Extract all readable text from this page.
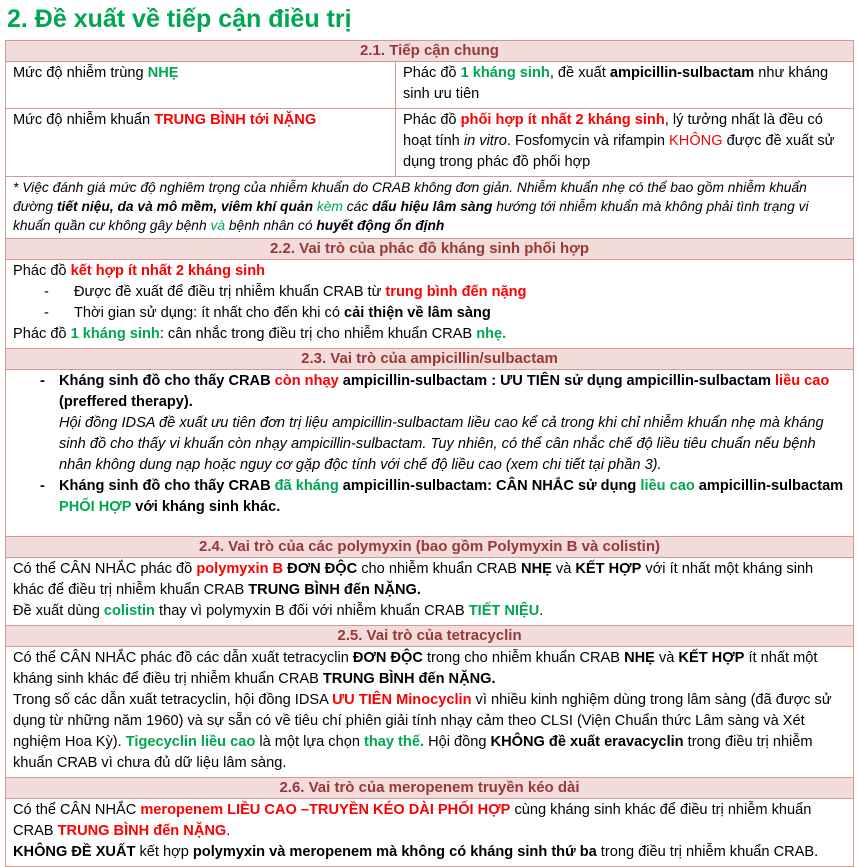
2. Đề xuất về tiếp cận điều trị
2.1. Tiếp cận chung
Mức độ nhiễm trùng NHẸ	Phác đồ 1 kháng sinh, đề xuất ampicillin-sulbactam như kháng sinh ưu tiên
Mức độ nhiễm khuẩn TRUNG BÌNH tới NẶNG	Phác đồ phối hợp ít nhất 2 kháng sinh, lý tưởng nhất là đều có hoạt tính in vitro. Fosfomycin và rifampin KHÔNG được đề xuất sử dụng trong phác đồ phối hợp
* Việc đánh giá mức độ nghiêm trọng của nhiễm khuẩn do CRAB không đơn giản. Nhiễm khuẩn nhẹ có thể bao gồm nhiễm khuẩn đường tiết niệu, da và mô mềm, viêm khí quản kèm các dấu hiệu lâm sàng hướng tới nhiễm khuẩn mà không phải tình trạng vi khuẩn quần cư không gây bệnh và bệnh nhân có huyết động ổn định
2.2. Vai trò của phác đồ kháng sinh phối hợp
Phác đồ kết hợp ít nhất 2 kháng sinh
-	Được đề xuất để điều trị nhiễm khuẩn CRAB từ trung bình đến nặng
-	Thời gian sử dụng: ít nhất cho đến khi có cải thiện về lâm sàng
Phác đồ 1 kháng sinh: cân nhắc trong điều trị cho nhiễm khuẩn CRAB nhẹ.
2.3. Vai trò của ampicillin/sulbactam
- Kháng sinh đồ cho thấy CRAB còn nhạy ampicillin-sulbactam : ƯU TIÊN sử dụng ampicillin-sulbactam liều cao (preffered therapy).
Hội đồng IDSA đề xuất ưu tiên đơn trị liệu ampicillin-sulbactam liều cao kể cả trong khi chỉ nhiễm khuẩn nhẹ mà kháng sinh đồ cho thấy vi khuẩn còn nhạy ampicillin-sulbactam. Tuy nhiên, có thể cân nhắc chế độ liều tiêu chuẩn nếu bệnh nhân không dung nạp hoặc nguy cơ gặp độc tính với chế độ liều cao (xem chi tiết tại phần 3).
- Kháng sinh đồ cho thấy CRAB đã kháng ampicillin-sulbactam: CÂN NHẮC sử dụng liều cao ampicillin-sulbactam PHỐI HỢP với kháng sinh khác.
2.4. Vai trò của các polymyxin (bao gồm Polymyxin B và colistin)
Có thể CÂN NHẮC phác đồ polymyxin B ĐƠN ĐỘC cho nhiễm khuẩn CRAB NHẸ và KẾT HỢP với ít nhất một kháng sinh khác để điều trị nhiễm khuẩn CRAB TRUNG BÌNH đến NẶNG.
Đề xuất dùng colistin thay vì polymyxin B đối với nhiễm khuẩn CRAB TIẾT NIỆU.
2.5. Vai trò của tetracyclin
Có thể CÂN NHẮC phác đồ các dẫn xuất tetracyclin ĐƠN ĐỘC trong cho nhiễm khuẩn CRAB NHẸ và KẾT HỢP ít nhất một kháng sinh khác để điều trị nhiễm khuẩn CRAB TRUNG BÌNH đến NẶNG.
Trong số các dẫn xuất tetracyclin, hội đồng IDSA ƯU TIÊN Minocyclin vì nhiều kinh nghiệm dùng trong lâm sàng (đã được sử dụng từ những năm 1960) và sự sẵn có về tiêu chí phiên giải tính nhạy cảm theo CLSI (Viện Chuẩn thức Lâm sàng và Xét nghiệm Hoa Kỳ). Tigecyclin liều cao là một lựa chọn thay thế. Hội đồng KHÔNG đề xuất eravacyclin trong điều trị nhiễm khuẩn CRAB vì chưa đủ dữ liệu lâm sàng.
2.6. Vai trò của meropenem truyền kéo dài
Có thể CÂN NHẮC meropenem LIỀU CAO –TRUYỀN KÉO DÀI PHỐI HỢP cùng kháng sinh khác để điều trị nhiễm khuẩn CRAB TRUNG BÌNH đến NẶNG.
KHÔNG ĐỀ XUẤT kết hợp polymyxin và meropenem mà không có kháng sinh thứ ba trong điều trị nhiễm khuẩn CRAB.
